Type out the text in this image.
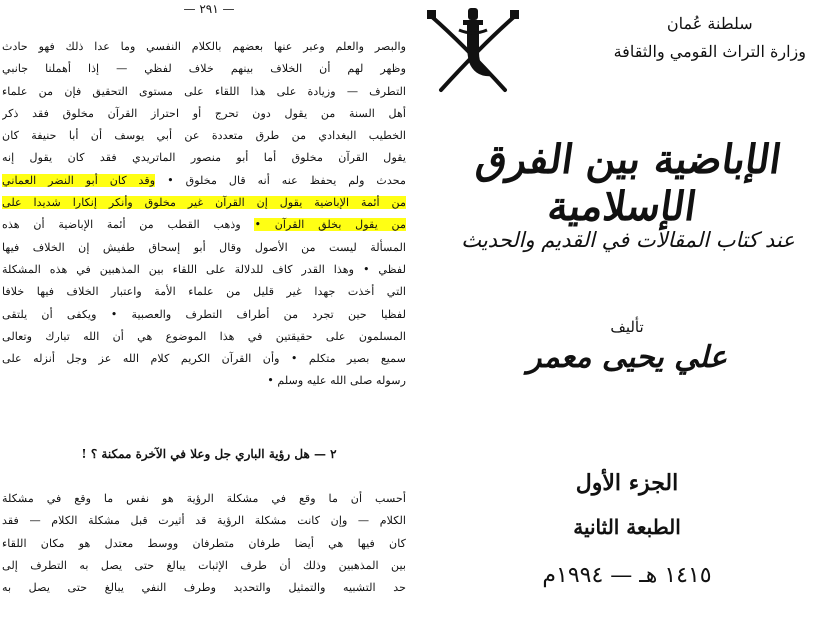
— ٢٩١ —
والبصر والعلم وعبر عنها بعضهم بالكلام النفسي وما عدا ذلك فهو حادث
وظهر لهم أن الخلاف بينهم خلاف لفظي — إذا أهملنا جانبي
التطرف — وزيادة على هذا اللقاء على مستوى التحقيق فإن من علماء
أهل السنة من يقول دون تحرج أو احتراز القرآن مخلوق فقد ذكر
الخطيب البغدادي من طرق متعددة عن أبي يوسف أن أبا حنيفة كان
يقول القرآن مخلوق أما أبو منصور الماتريدي فقد كان يقول إنه
محدث ولم يحفظ عنه أنه قال مخلوق • وقد كان أبو النضر العماني
من أئمة الإباضية يقول إن القرآن غير مخلوق وأنكر إنكارا شديدا على
من يقول بخلق القرآن • وذهب القطب من أئمة الإباضية أن هذه
المسألة ليست من الأصول وقال أبو إسحاق طفيش إن الخلاف فيها
لفظي • وهذا القدر كاف للدلالة على اللقاء بين المذهبين في هذه المشكلة
التي أخذت جهدا غير قليل من علماء الأمة واعتبار الخلاف فيها خلافا
لفظيا حين تجرد من أطراف التطرف والعصبية • ويكفى أن يلتقى
المسلمون على حقيقتين في هذا الموضوع هي أن الله تبارك وتعالى
سميع بصير متكلم • وأن القرآن الكريم كلام الله عز وجل أنزله على
رسوله صلى الله عليه وسلم •
٢ — هل رؤية الباري جل وعلا في الآخرة ممكنة ؟ !
أحسب أن ما وقع في مشكلة الرؤية هو نفس ما وقع في مشكلة
الكلام — وإن كانت مشكلة الرؤية قد أثيرت قبل مشكلة الكلام — فقد
كان فيها هي أيضا طرفان متطرفان ووسط معتدل هو مكان اللقاء
بين المذهبين وذلك أن طرف الإثبات يبالغ حتى يصل به التطرف إلى
حد التشبيه والتمثيل والتحديد وطرف النفي يبالغ حتى يصل به
سلطنة عُمان
وزارة التراث القومي والثقافة
الإباضية بين الفرق الإسلامية
عند كتاب المقالات في القديم والحديث
تأليف
علي يحيى معمر
الجزء الأول
الطبعة الثانية
١٤١٥ هـ — ١٩٩٤م
